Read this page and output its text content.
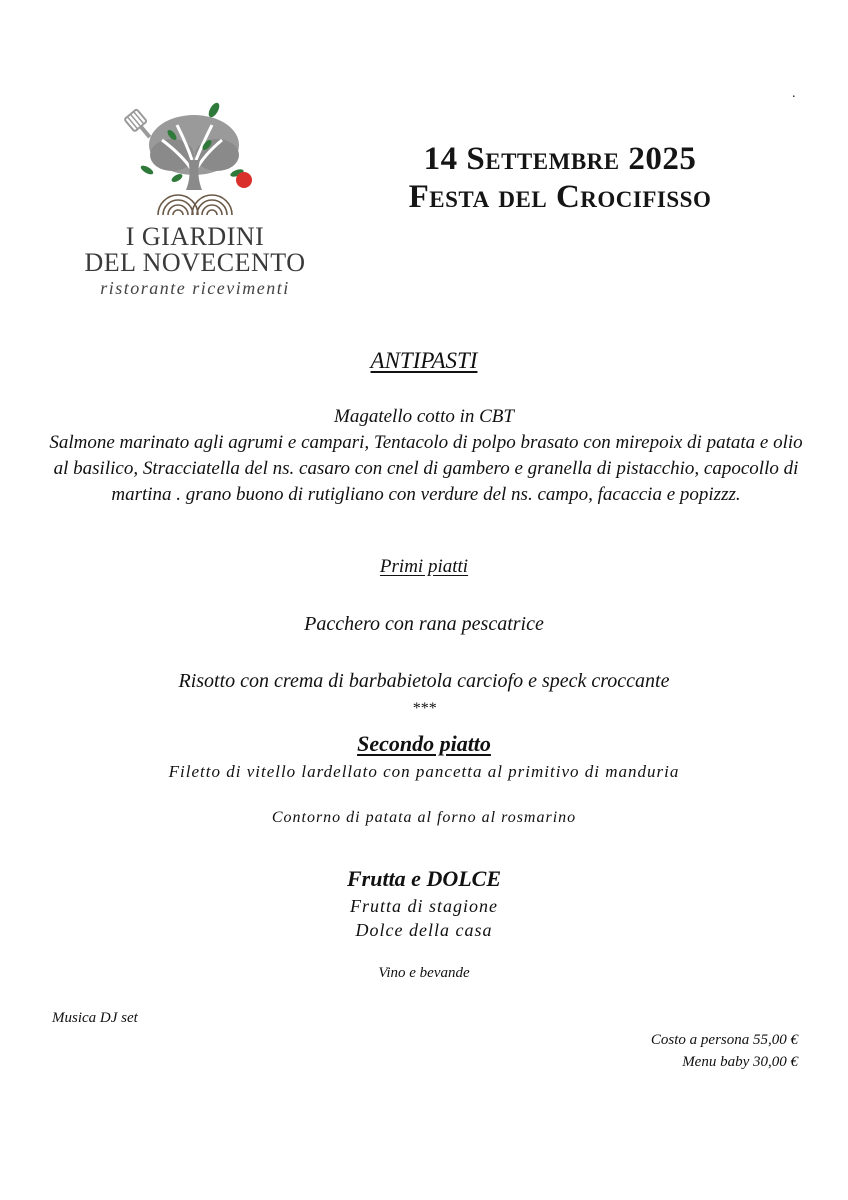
.
I GIARDINI
DEL NOVECENTO
ristorante ricevimenti
14 Settembre 2025
Festa del Crocifisso
ANTIPASTI
Magatello cotto in CBT
Salmone marinato agli agrumi e campari, Tentacolo di polpo brasato con mirepoix di patata e olio al basilico, Stracciatella del ns. casaro con cnel di gambero e granella di pistacchio, capocollo di martina . grano buono di rutigliano con verdure del ns. campo, facaccia e popizzz.
Primi piatti
Pacchero con rana pescatrice
Risotto con crema di barbabietola carciofo e speck croccante
***
Secondo piatto
Filetto di vitello lardellato con pancetta al primitivo di manduria
Contorno di patata al forno al rosmarino
Frutta e DOLCE
Frutta di stagione
Dolce della casa
Vino e bevande
Musica DJ set
Costo a persona 55,00 €
Menu baby 30,00 €
